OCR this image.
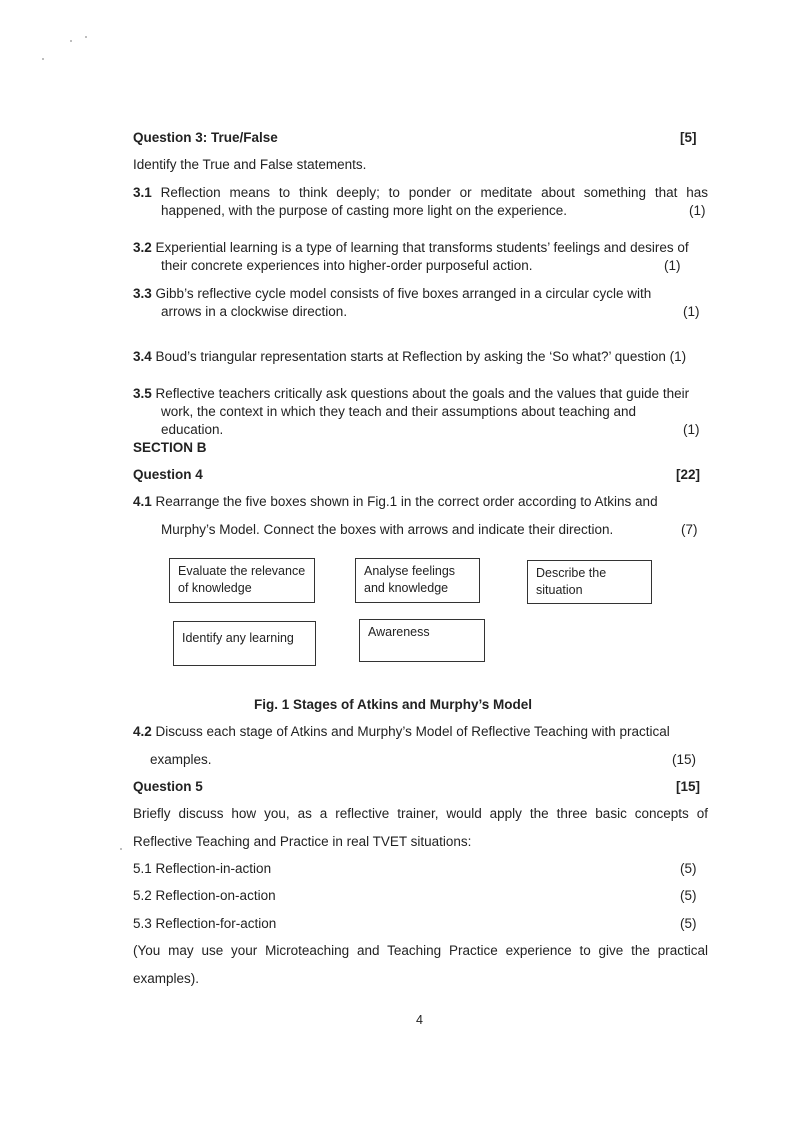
Question 3: True/False	[5]
Identify the True and False statements.
3.1 Reflection means to think deeply; to ponder or meditate about something that has
happened, with the purpose of casting more light on the experience.	(1)
3.2 Experiential learning is a type of learning that transforms students’ feelings and desires of
their concrete experiences into higher-order purposeful action.	(1)
3.3 Gibb’s reflective cycle model consists of five boxes arranged in a circular cycle with
arrows in a clockwise direction.	(1)
3.4 Boud’s triangular representation starts at Reflection by asking the ‘So what?’ question (1)
3.5 Reflective teachers critically ask questions about the goals and the values that guide their
work, the context in which they teach and their assumptions about teaching and
education.	(1)
SECTION B
Question 4	[22]
4.1 Rearrange the five boxes shown in Fig.1 in the correct order according to Atkins and
Murphy’s Model. Connect the boxes with arrows and indicate their direction.	(7)
Evaluate the relevance
of knowledge
Analyse feelings
and knowledge
Describe the
situation
Identify any learning	Awareness
Fig. 1 Stages of Atkins and Murphy’s Model
4.2 Discuss each stage of Atkins and Murphy’s Model of Reflective Teaching with practical
examples.	(15)
Question 5	[15]
Briefly discuss how you, as a reflective trainer, would apply the three basic concepts of
Reflective Teaching and Practice in real TVET situations:
5.1 Reflection-in-action	(5)
5.2 Reflection-on-action	(5)
5.3 Reflection-for-action	(5)
(You may use your Microteaching and Teaching Practice experience to give the practical
examples).
4
